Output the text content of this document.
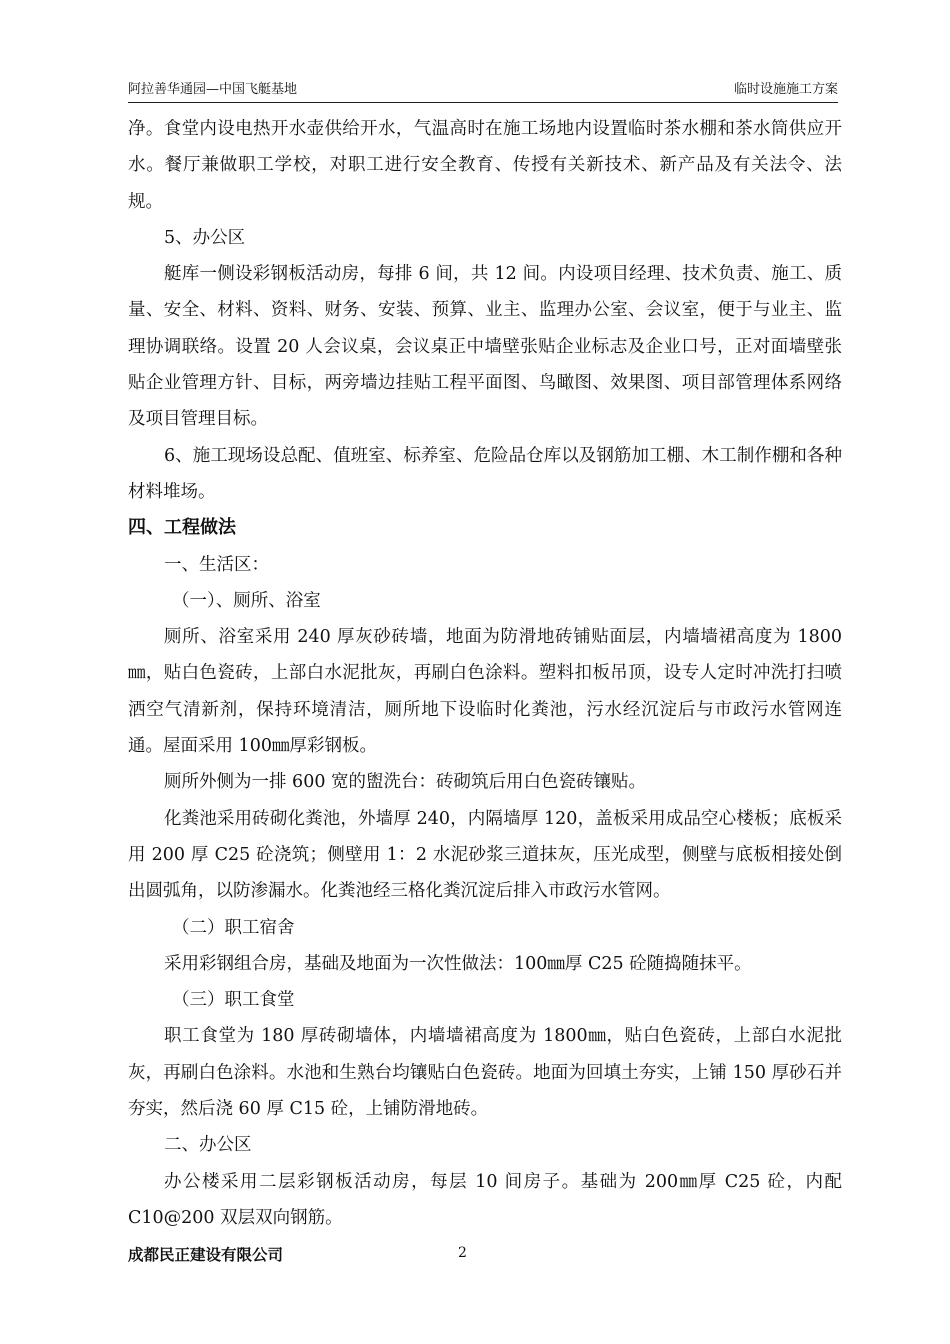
阿拉善华通园—中国飞艇基地	临时设施施工方案

净。食堂内设电热开水壶供给开水，气温高时在施工场地内设置临时茶水棚和茶水筒供应开水。餐厅兼做职工学校，对职工进行安全教育、传授有关新技术、新产品及有关法令、法规。

5、办公区

艇库一侧设彩钢板活动房，每排 6 间，共 12 间。内设项目经理、技术负责、施工、质量、安全、材料、资料、财务、安装、预算、业主、监理办公室、会议室，便于与业主、监理协调联络。设置 20 人会议桌，会议桌正中墙壁张贴企业标志及企业口号，正对面墙壁张贴企业管理方针、目标，两旁墙边挂贴工程平面图、鸟瞰图、效果图、项目部管理体系网络及项目管理目标。

6、施工现场设总配、值班室、标养室、危险品仓库以及钢筋加工棚、木工制作棚和各种材料堆场。

四、工程做法

一、生活区：

（一）、厕所、浴室

厕所、浴室采用 240 厚灰砂砖墙，地面为防滑地砖铺贴面层，内墙墙裙高度为 1800 ㎜，贴白色瓷砖，上部白水泥批灰，再刷白色涂料。塑料扣板吊顶，设专人定时冲洗打扫喷洒空气清新剂，保持环境清洁，厕所地下设临时化粪池，污水经沉淀后与市政污水管网连通。屋面采用 100㎜厚彩钢板。

厕所外侧为一排 600 宽的盥洗台：砖砌筑后用白色瓷砖镶贴。

化粪池采用砖砌化粪池，外墙厚 240，内隔墙厚 120，盖板采用成品空心楼板；底板采用 200 厚 C25 砼浇筑；侧壁用 1：2 水泥砂浆三道抹灰，压光成型，侧壁与底板相接处倒出圆弧角，以防渗漏水。化粪池经三格化粪沉淀后排入市政污水管网。

（二）职工宿舍

采用彩钢组合房，基础及地面为一次性做法：100㎜厚 C25 砼随捣随抹平。

（三）职工食堂

职工食堂为 180 厚砖砌墙体，内墙墙裙高度为 1800㎜，贴白色瓷砖，上部白水泥批灰，再刷白色涂料。水池和生熟台均镶贴白色瓷砖。地面为回填土夯实，上铺 150 厚砂石并夯实，然后浇 60 厚 C15 砼，上铺防滑地砖。

二、办公区

办公楼采用二层彩钢板活动房，每层 10 间房子。基础为 200㎜厚 C25 砼，内配 C10@200 双层双向钢筋。

成都民正建设有限公司	2
